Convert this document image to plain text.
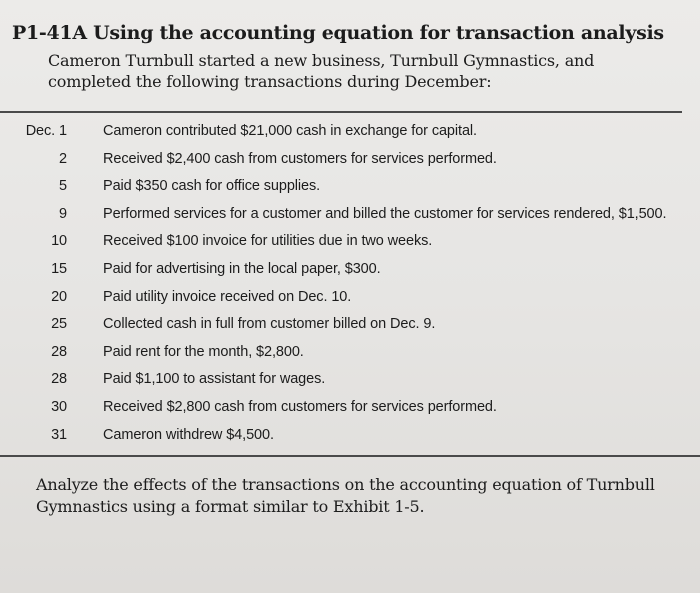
P1-41A Using the accounting equation for transaction analysis
Cameron Turnbull started a new business, Turnbull Gymnastics, and completed the following transactions during December:
Dec. 1 Cameron contributed $21,000 cash in exchange for capital.
2 Received $2,400 cash from customers for services performed.
5 Paid $350 cash for office supplies.
9 Performed services for a customer and billed the customer for services rendered, $1,500.
10 Received $100 invoice for utilities due in two weeks.
15 Paid for advertising in the local paper, $300.
20 Paid utility invoice received on Dec. 10.
25 Collected cash in full from customer billed on Dec. 9.
28 Paid rent for the month, $2,800.
28 Paid $1,100 to assistant for wages.
30 Received $2,800 cash from customers for services performed.
31 Cameron withdrew $4,500.
Analyze the effects of the transactions on the accounting equation of Turnbull Gymnastics using a format similar to Exhibit 1-5.
